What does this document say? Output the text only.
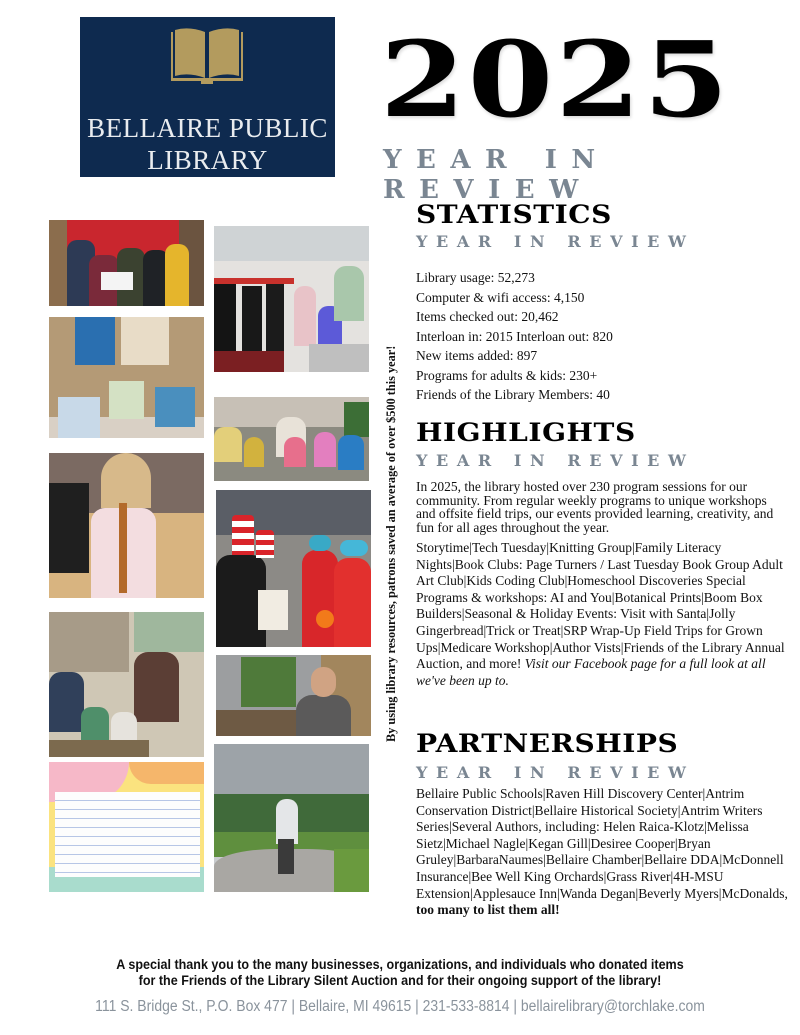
BELLAIRE PUBLIC
LIBRARY
2025
YEAR IN REVIEW
STATISTICS
YEAR IN REVIEW
Library usage: 52,273
Computer & wifi access: 4,150
Items checked out: 20,462
Interloan in: 2015 Interloan out: 820
New items added: 897
Programs for adults & kids: 230+
Friends of the Library Members: 40
HIGHLIGHTS
YEAR IN REVIEW

In 2025, the library hosted over 230 program sessions for our community. From regular weekly programs to unique workshops and offsite field trips, our events provided learning, creativity, and fun for all ages throughout the year.

Storytime|Tech Tuesday|Knitting Group|Family Literacy Nights|Book Clubs: Page Turners / Last Tuesday Book Group Adult Art Club|Kids Coding Club|Homeschool Discoveries Special Programs & workshops: AI and You|Botanical Prints|Boom Box Builders|Seasonal & Holiday Events: Visit with Santa|Jolly Gingerbread|Trick or Treat|SRP Wrap-Up Field Trips for Grown Ups|Medicare Workshop|Author Vists|Friends of the Library Annual Auction, and more! Visit our Facebook page for a full look at all we've been up to.

PARTNERSHIPS
YEAR IN REVIEW

Bellaire Public Schools|Raven Hill Discovery Center|Antrim Conservation District|Bellaire Historical Society|Antrim Writers Series|Several Authors, including: Helen Raica-Klotz|Melissa Sietz|Michael Nagle|Kegan Gill|Desiree Cooper|Bryan Gruley|BarbaraNaumes|Bellaire Chamber|Bellaire DDA|McDonnell Insurance|Bee Well King Orchards|Grass River|4H-MSU Extension|Applesauce Inn|Wanda Degan|Beverly Myers|McDonalds, too many to list them all!

By using library resources, patrons saved an average of over $500 this year!
A special thank you to the many businesses, organizations, and individuals who donated items
for the Friends of the Library Silent Auction and for their ongoing support of the library!
111 S. Bridge St., P.O. Box 477 | Bellaire, MI 49615 | 231-533-8814 | bellairelibrary@torchlake.com
